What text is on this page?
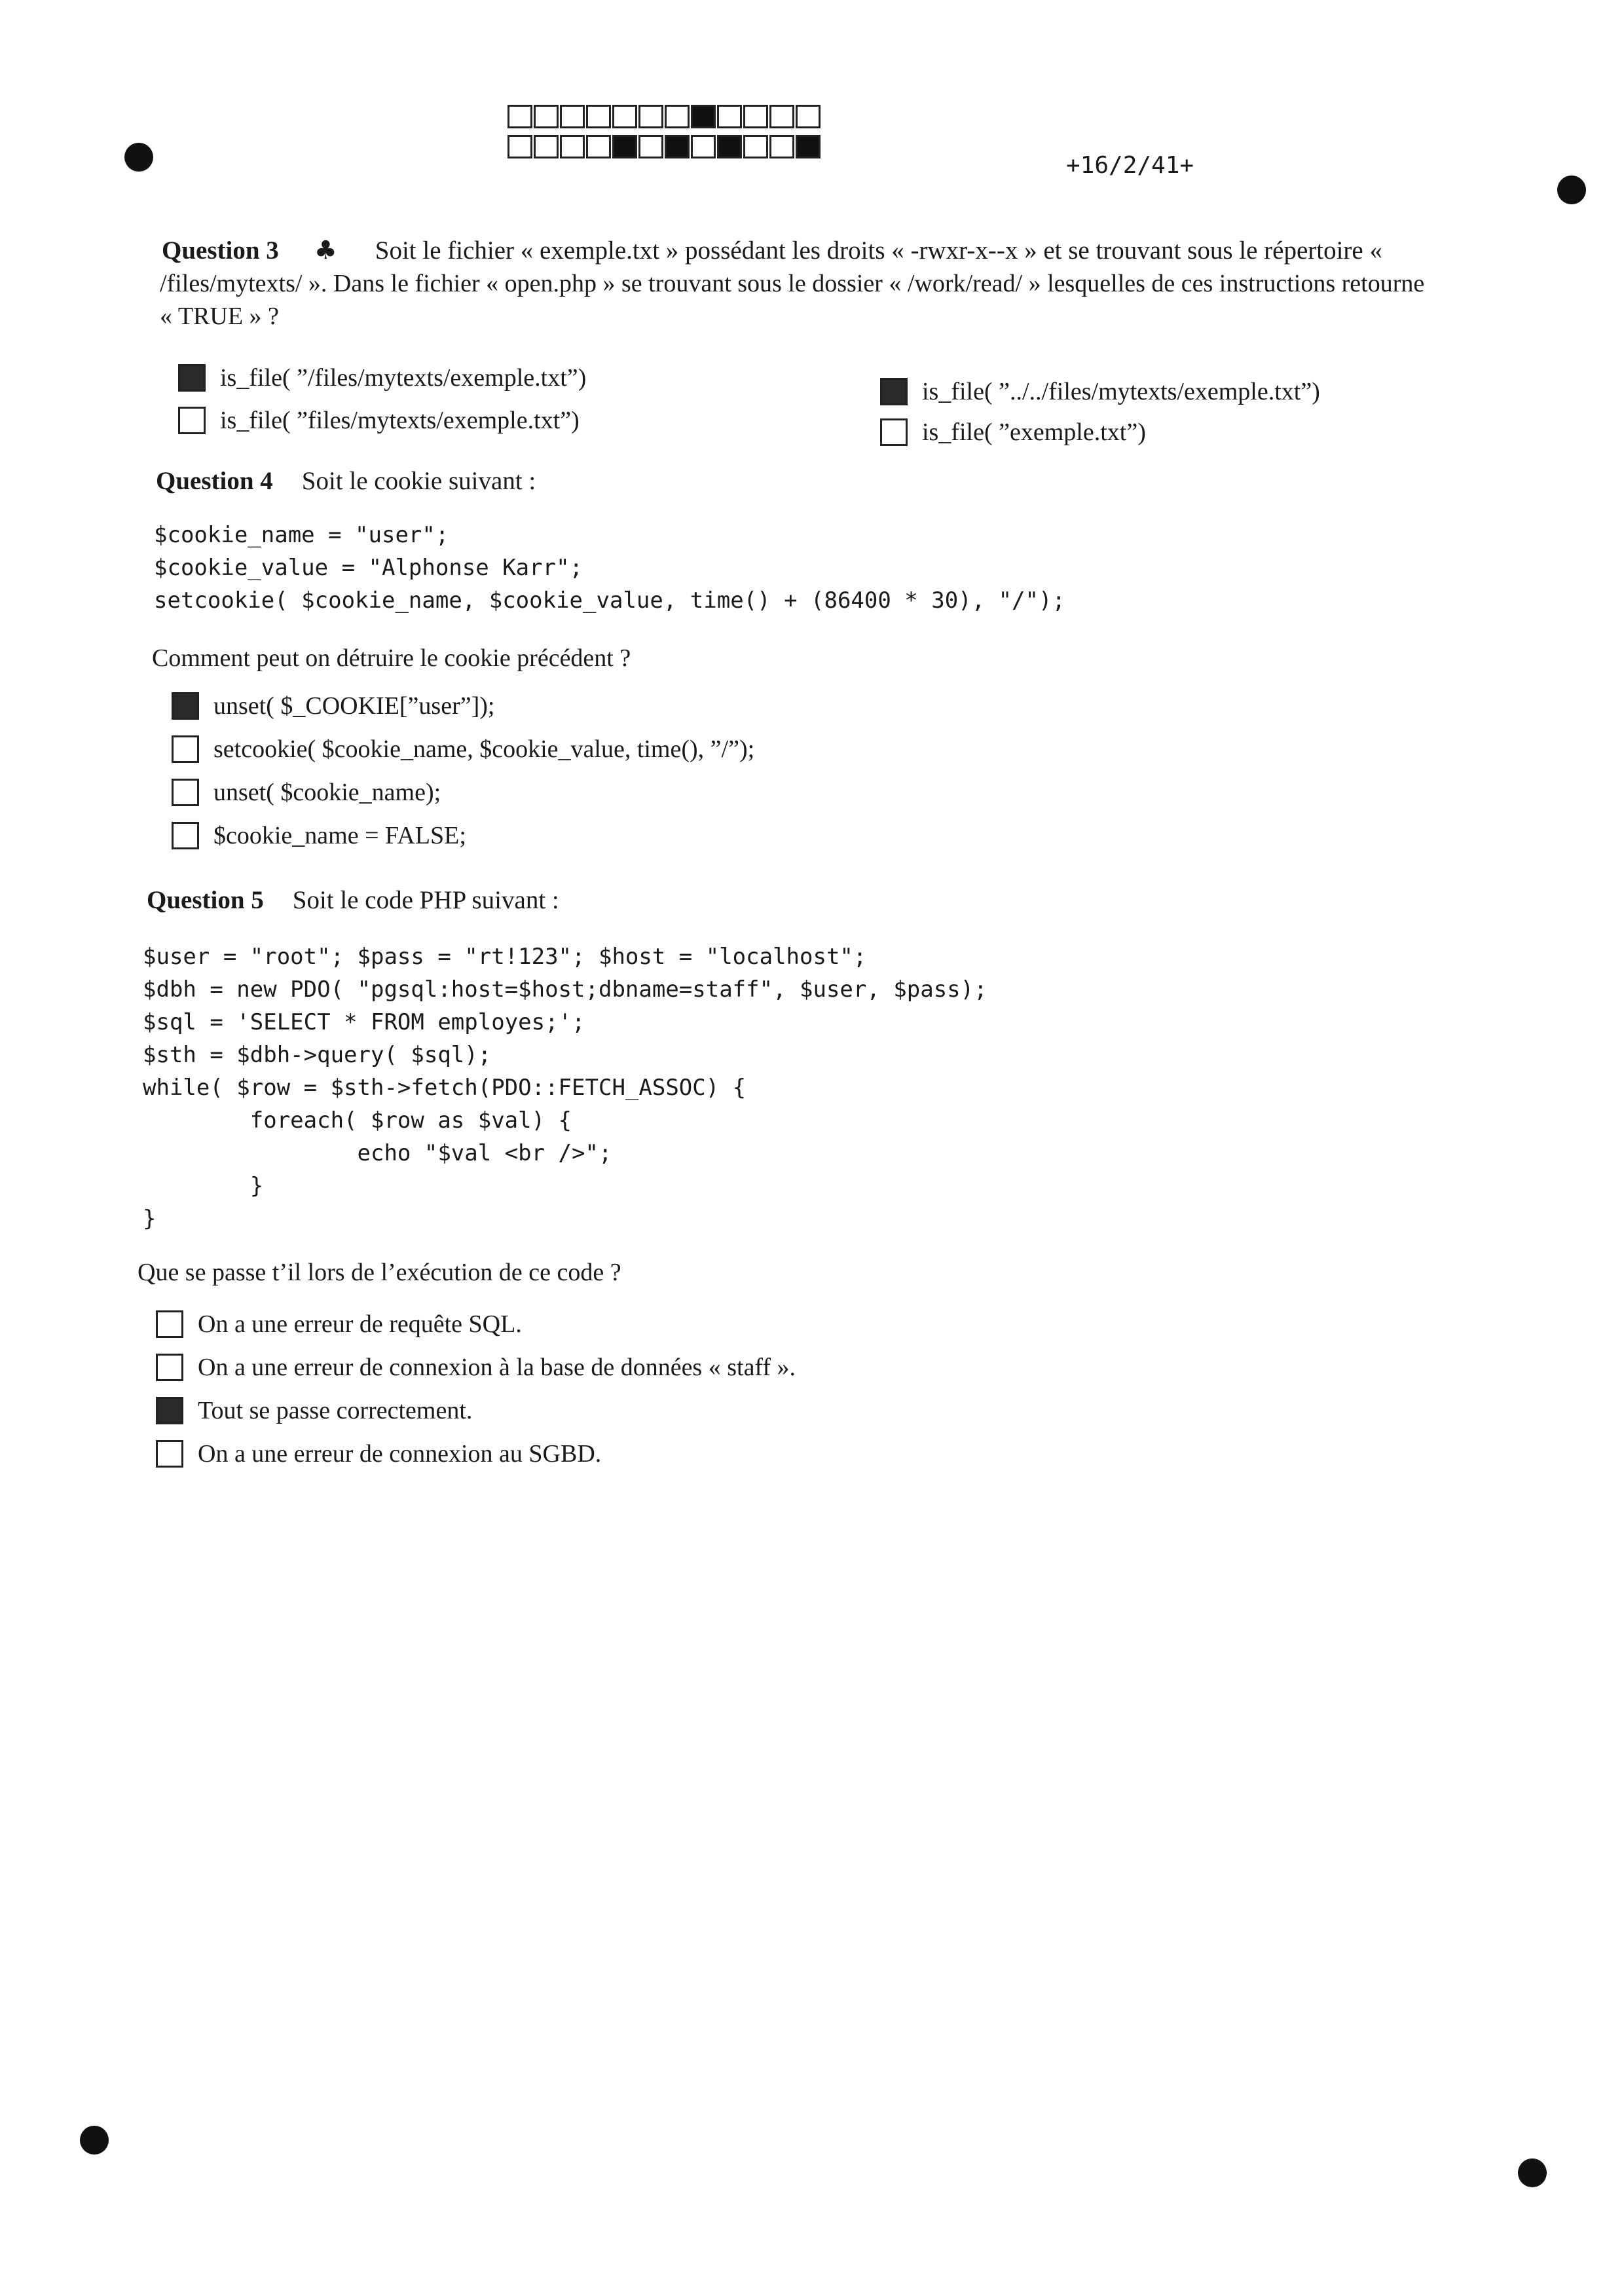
+16/2/41+
Question 3 ♣ Soit le fichier « exemple.txt » possédant les droits « -rwxr-x--x » et se trouvant sous le répertoire «
/files/mytexts/ ». Dans le fichier « open.php » se trouvant sous le dossier « /work/read/ » lesquelles de ces instructions retourne
« TRUE » ?
is_file( ”/files/mytexts/exemple.txt”)
is_file( ”files/mytexts/exemple.txt”)
is_file( ”../../files/mytexts/exemple.txt”)
is_file( ”exemple.txt”)
Question 4 Soit le cookie suivant :
$cookie_name = "user";
$cookie_value = "Alphonse Karr";
setcookie( $cookie_name, $cookie_value, time() + (86400 * 30), "/");
Comment peut on détruire le cookie précédent ?
unset( $_COOKIE[”user”]);
setcookie( $cookie_name, $cookie_value, time(), ”/”);
unset( $cookie_name);
$cookie_name = FALSE;
Question 5 Soit le code PHP suivant :
$user = "root"; $pass = "rt!123"; $host = "localhost";
$dbh = new PDO( "pgsql:host=$host;dbname=staff", $user, $pass);
$sql = 'SELECT * FROM employes;';
$sth = $dbh->query( $sql);
while( $row = $sth->fetch(PDO::FETCH_ASSOC) {
foreach( $row as $val) {
echo "$val <br />";
}
}
Que se passe t’il lors de l’exécution de ce code ?
On a une erreur de requête SQL.
On a une erreur de connexion à la base de données « staff ».
Tout se passe correctement.
On a une erreur de connexion au SGBD.
